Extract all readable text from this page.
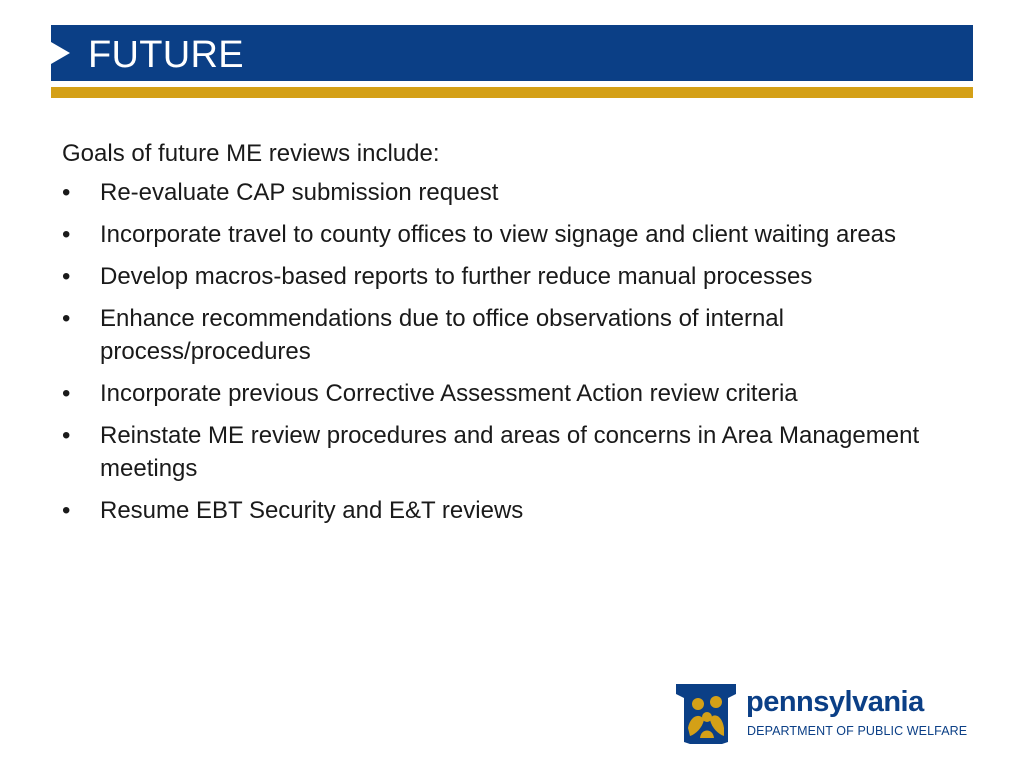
FUTURE

Goals of future ME reviews include:

•	Re-evaluate CAP submission request
•	Incorporate travel to county offices to view signage and client waiting areas
•	Develop macros-based reports to further reduce manual processes
•	Enhance recommendations due to office observations of internal process/procedures
•	Incorporate previous Corrective Assessment Action review criteria
•	Reinstate ME review procedures and areas of concerns in Area Management meetings
•	Resume EBT Security and E&T reviews
pennsylvania
DEPARTMENT OF PUBLIC WELFARE
